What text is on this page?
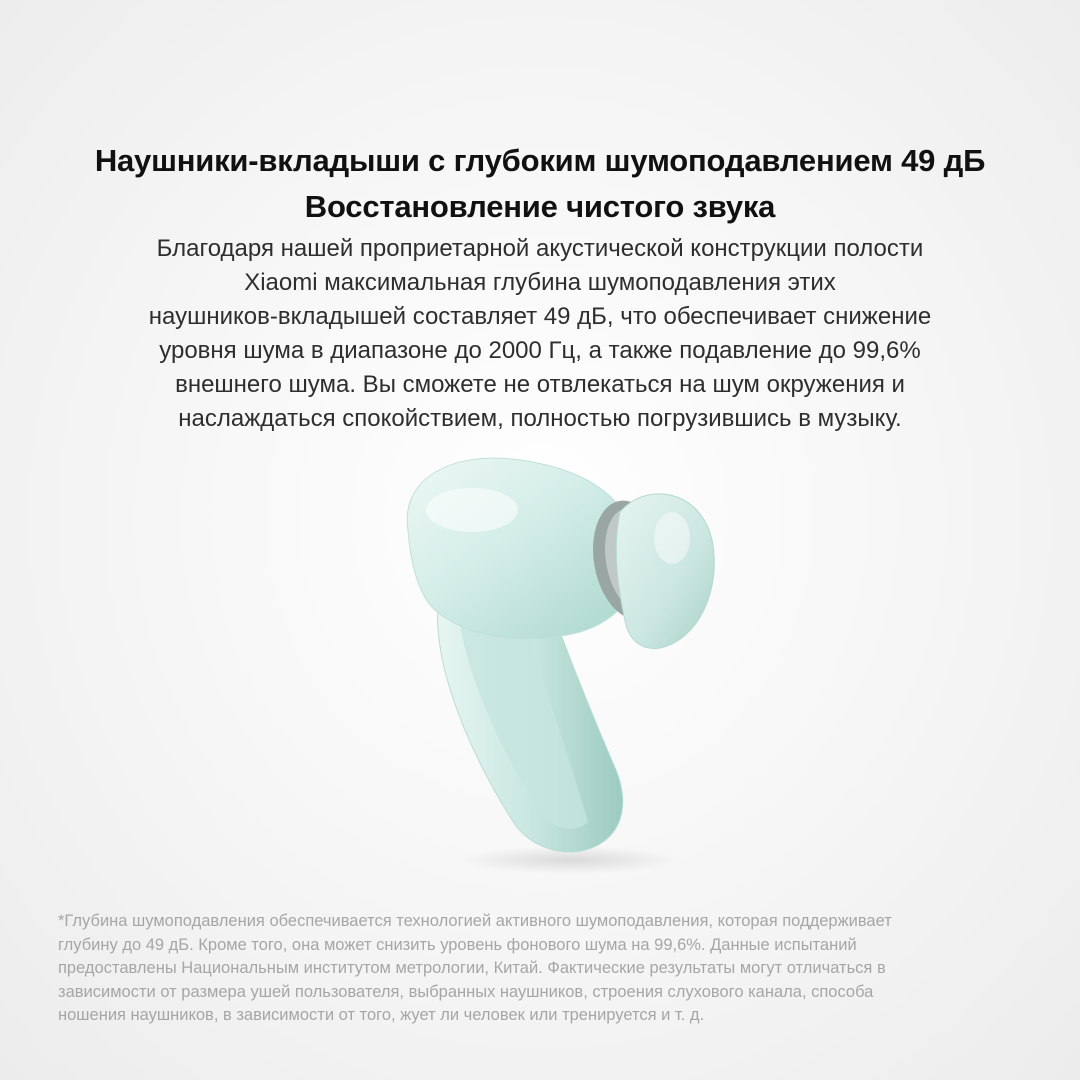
Наушники-вкладыши с глубоким шумоподавлением 49 дБ

Восстановление чистого звука

Благодаря нашей проприетарной акустической конструкции полости
Xiaomi максимальная глубина шумоподавления этих
наушников-вкладышей составляет 49 дБ, что обеспечивает снижение
уровня шума в диапазоне до 2000 Гц, а также подавление до 99,6%
внешнего шума. Вы сможете не отвлекаться на шум окружения и
наслаждаться спокойствием, полностью погрузившись в музыку.
*Глубина шумоподавления обеспечивается технологией активного шумоподавления, которая поддерживает
глубину до 49 дБ. Кроме того, она может снизить уровень фонового шума на 99,6%. Данные испытаний
предоставлены Национальным институтом метрологии, Китай. Фактические результаты могут отличаться в
зависимости от размера ушей пользователя, выбранных наушников, строения слухового канала, способа
ношения наушников, в зависимости от того, жует ли человек или тренируется и т. д.
